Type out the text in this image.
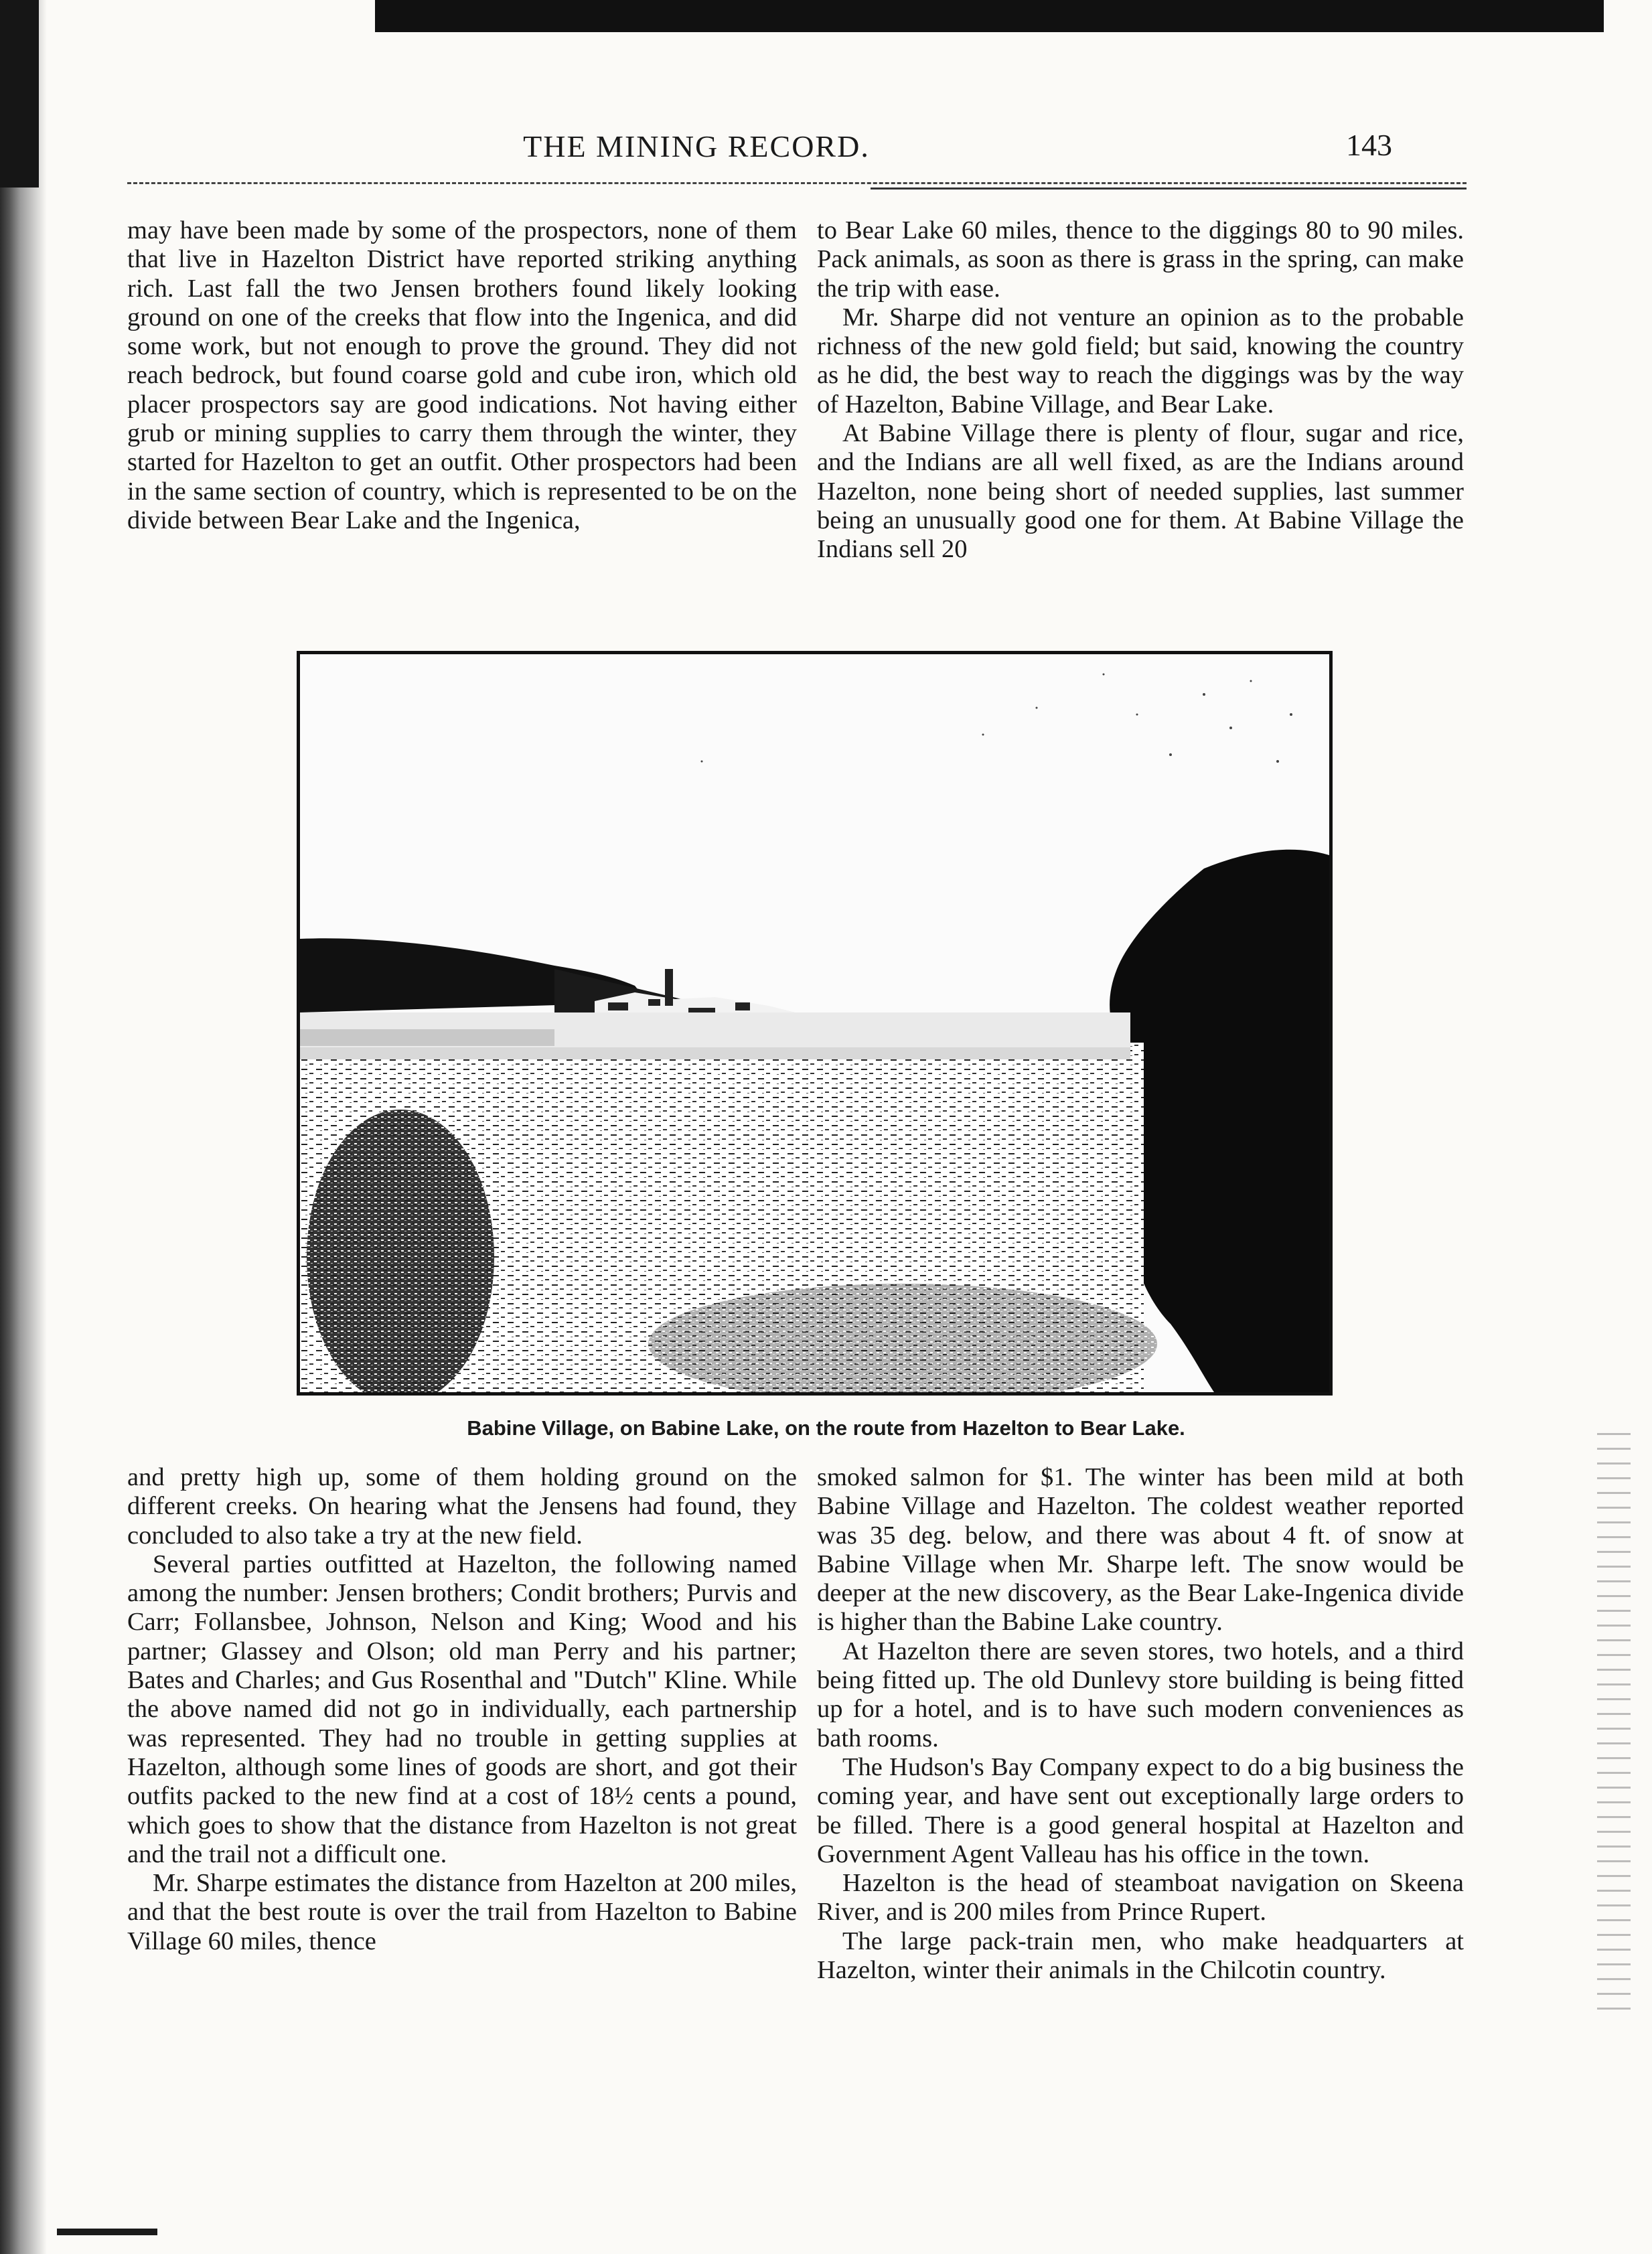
THE MINING RECORD.	143

may have been made by some of the prospectors, none of them that live in Hazelton District have reported striking anything rich. Last fall the two Jensen brothers found likely looking ground on one of the creeks that flow into the Ingenica, and did some work, but not enough to prove the ground. They did not reach bedrock, but found coarse gold and cube iron, which old placer prospectors say are good indications. Not having either grub or mining supplies to carry them through the winter, they started for Hazelton to get an outfit. Other prospectors had been in the same section of country, which is represented to be on the divide between Bear Lake and the Ingenica,

to Bear Lake 60 miles, thence to the diggings 80 to 90 miles. Pack animals, as soon as there is grass in the spring, can make the trip with ease.

Mr. Sharpe did not venture an opinion as to the probable richness of the new gold field; but said, knowing the country as he did, the best way to reach the diggings was by the way of Hazelton, Babine Village, and Bear Lake.

At Babine Village there is plenty of flour, sugar and rice, and the Indians are all well fixed, as are the Indians around Hazelton, none being short of needed supplies, last summer being an unusually good one for them. At Babine Village the Indians sell 20

Babine Village, on Babine Lake, on the route from Hazelton to Bear Lake.

and pretty high up, some of them holding ground on the different creeks. On hearing what the Jensens had found, they concluded to also take a try at the new field.

Several parties outfitted at Hazelton, the following named among the number: Jensen brothers; Condit brothers; Purvis and Carr; Follansbee, Johnson, Nelson and King; Wood and his partner; Glassey and Olson; old man Perry and his partner; Bates and Charles; and Gus Rosenthal and "Dutch" Kline. While the above named did not go in individually, each partnership was represented. They had no trouble in getting supplies at Hazelton, although some lines of goods are short, and got their outfits packed to the new find at a cost of 18½ cents a pound, which goes to show that the distance from Hazelton is not great and the trail not a difficult one.

Mr. Sharpe estimates the distance from Hazelton at 200 miles, and that the best route is over the trail from Hazelton to Babine Village 60 miles, thence

smoked salmon for $1. The winter has been mild at both Babine Village and Hazelton. The coldest weather reported was 35 deg. below, and there was about 4 ft. of snow at Babine Village when Mr. Sharpe left. The snow would be deeper at the new discovery, as the Bear Lake-Ingenica divide is higher than the Babine Lake country.

At Hazelton there are seven stores, two hotels, and a third being fitted up. The old Dunlevy store building is being fitted up for a hotel, and is to have such modern conveniences as bath rooms.

The Hudson's Bay Company expect to do a big business the coming year, and have sent out exceptionally large orders to be filled. There is a good general hospital at Hazelton and Government Agent Valleau has his office in the town.

Hazelton is the head of steamboat navigation on Skeena River, and is 200 miles from Prince Rupert.

The large pack-train men, who make headquarters at Hazelton, winter their animals in the Chilcotin country.
